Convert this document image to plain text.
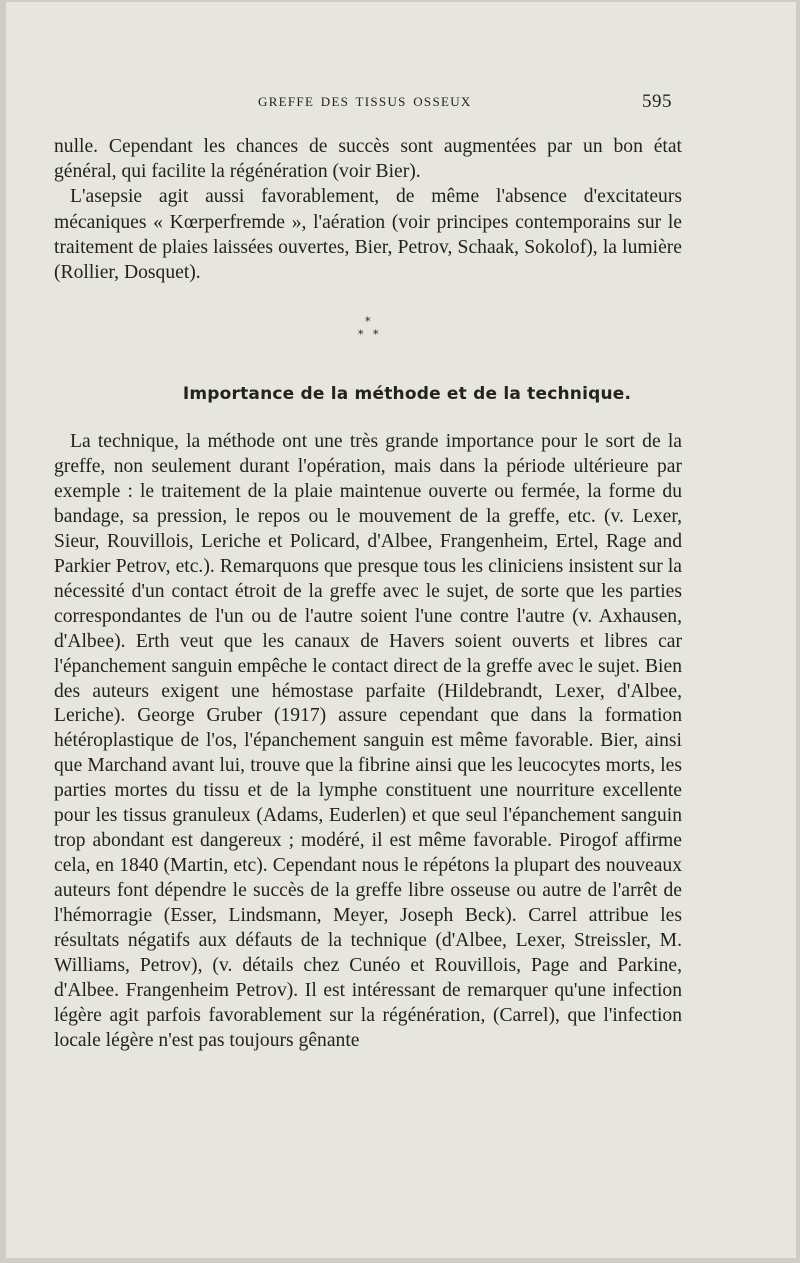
GREFFE DES TISSUS OSSEUX	595

nulle. Cependant les chances de succès sont augmentées par un bon état général, qui facilite la régénération (voir Bier).

L'asepsie agit aussi favorablement, de même l'absence d'excitateurs mécaniques « Kœrperfremde », l'aération (voir principes contemporains sur le traitement de plaies laissées ouvertes, Bier, Petrov, Schaak, Sokolof), la lumière (Rollier, Dosquet).

*
* *
Importance de la méthode et de la technique.

La technique, la méthode ont une très grande importance pour le sort de la greffe, non seulement durant l'opération, mais dans la période ultérieure par exemple : le traitement de la plaie maintenue ouverte ou fermée, la forme du bandage, sa pression, le repos ou le mouvement de la greffe, etc. (v. Lexer, Sieur, Rouvillois, Leriche et Policard, d'Albee, Frangenheim, Ertel, Rage and Parkier Petrov, etc.). Remarquons que presque tous les cliniciens insistent sur la nécessité d'un contact étroit de la greffe avec le sujet, de sorte que les parties correspondantes de l'un ou de l'autre soient l'une contre l'autre (v. Axhausen, d'Albee). Erth veut que les canaux de Havers soient ouverts et libres car l'épanchement sanguin empêche le contact direct de la greffe avec le sujet. Bien des auteurs exigent une hémostase parfaite (Hildebrandt, Lexer, d'Albee, Leriche). George Gruber (1917) assure cependant que dans la formation hétéroplastique de l'os, l'épanchement sanguin est même favorable. Bier, ainsi que Marchand avant lui, trouve que la fibrine ainsi que les leucocytes morts, les parties mortes du tissu et de la lymphe constituent une nourriture excellente pour les tissus granuleux (Adams, Euderlen) et que seul l'épanchement sanguin trop abondant est dangereux ; modéré, il est même favorable. Pirogof affirme cela, en 1840 (Martin, etc). Cependant nous le répétons la plupart des nouveaux auteurs font dépendre le succès de la greffe libre osseuse ou autre de l'arrêt de l'hémorragie (Esser, Lindsmann, Meyer, Joseph Beck). Carrel attribue les résultats négatifs aux défauts de la technique (d'Albee, Lexer, Streissler, M. Williams, Petrov), (v. détails chez Cunéo et Rouvillois, Page and Parkine, d'Albee. Frangenheim Petrov). Il est intéressant de remarquer qu'une infection légère agit parfois favorablement sur la régénération, (Carrel), que l'infection locale légère n'est pas toujours gênante
